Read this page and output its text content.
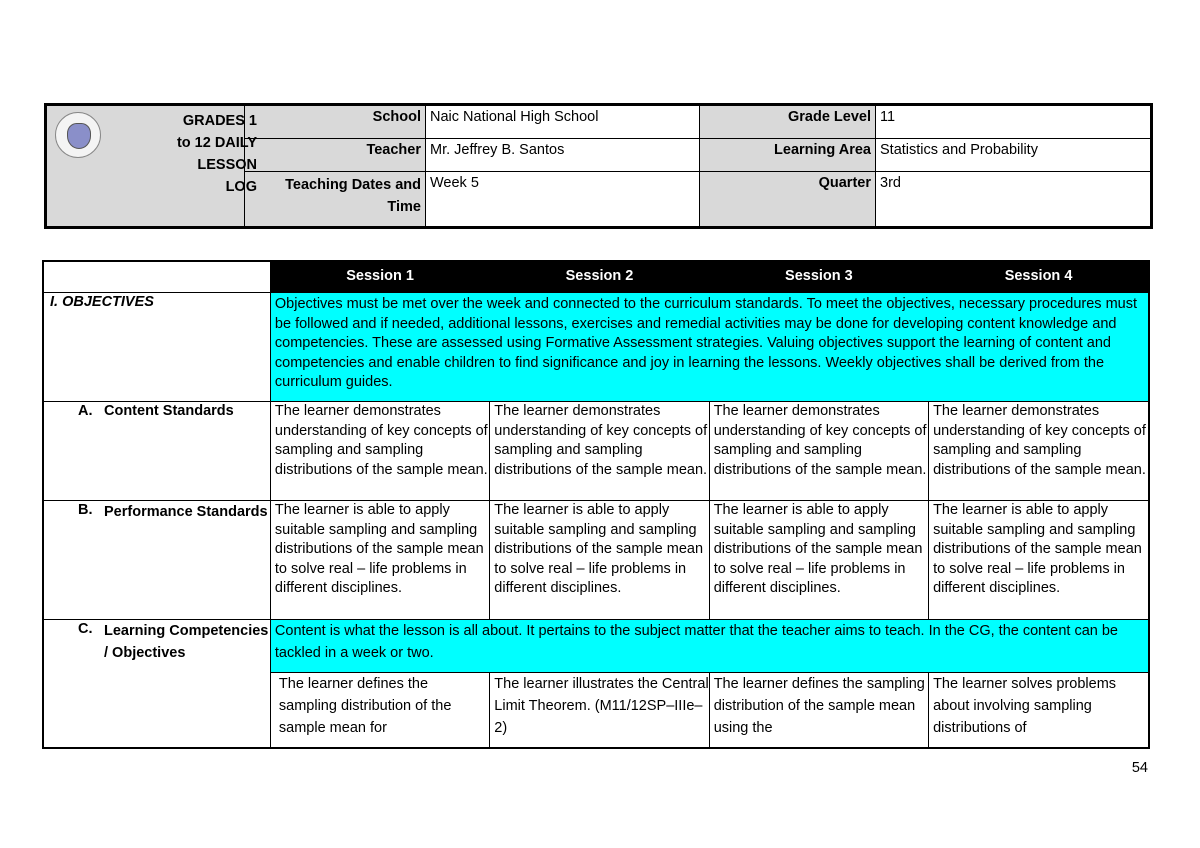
GRADES 1
to 12 DAILY
LESSON
LOG	School	Naic National High School	Grade Level	11
	Teacher	Mr. Jeffrey B. Santos	Learning Area	Statistics and Probability
	Teaching Dates and Time	Week 5	Quarter	3rd
	Session 1	Session 2	Session 3	Session 4
I. OBJECTIVES	Objectives must be met over the week and connected to the curriculum standards. To meet the objectives, necessary procedures must be followed and if needed, additional lessons, exercises and remedial activities may be done for developing content knowledge and competencies. These are assessed using Formative Assessment strategies. Valuing objectives support the learning of content and competencies and enable children to find significance and joy in learning the lessons. Weekly objectives shall be derived from the curriculum guides.			

A. Content Standards	The learner demonstrates understanding of key concepts of sampling and sampling distributions of the sample mean.	The learner demonstrates understanding of key concepts of sampling and sampling distributions of the sample mean.	The learner demonstrates understanding of key concepts of sampling and sampling distributions of the sample mean.	The learner demonstrates understanding of key concepts of sampling and sampling distributions of the sample mean.

B. Performance Standards	The learner is able to apply suitable sampling and sampling distributions of the sample mean to solve real – life problems in different disciplines.	The learner is able to apply suitable sampling and sampling distributions of the sample mean to solve real – life problems in different disciplines.	The learner is able to apply suitable sampling and sampling distributions of the sample mean to solve real – life problems in different disciplines.	The learner is able to apply suitable sampling and sampling distributions of the sample mean to solve real – life problems in different disciplines.

C. Learning Competencies / Objectives	Content is what the lesson is all about. It pertains to the subject matter that the teacher aims to teach. In the CG, the content can be tackled in a week or two.			
	The learner defines the sampling distribution of the sample mean for	The learner illustrates the Central Limit Theorem. (M11/12SP–IIIe–2)	The learner defines the sampling distribution of the sample mean using the	The learner solves problems about involving sampling distributions of
54
